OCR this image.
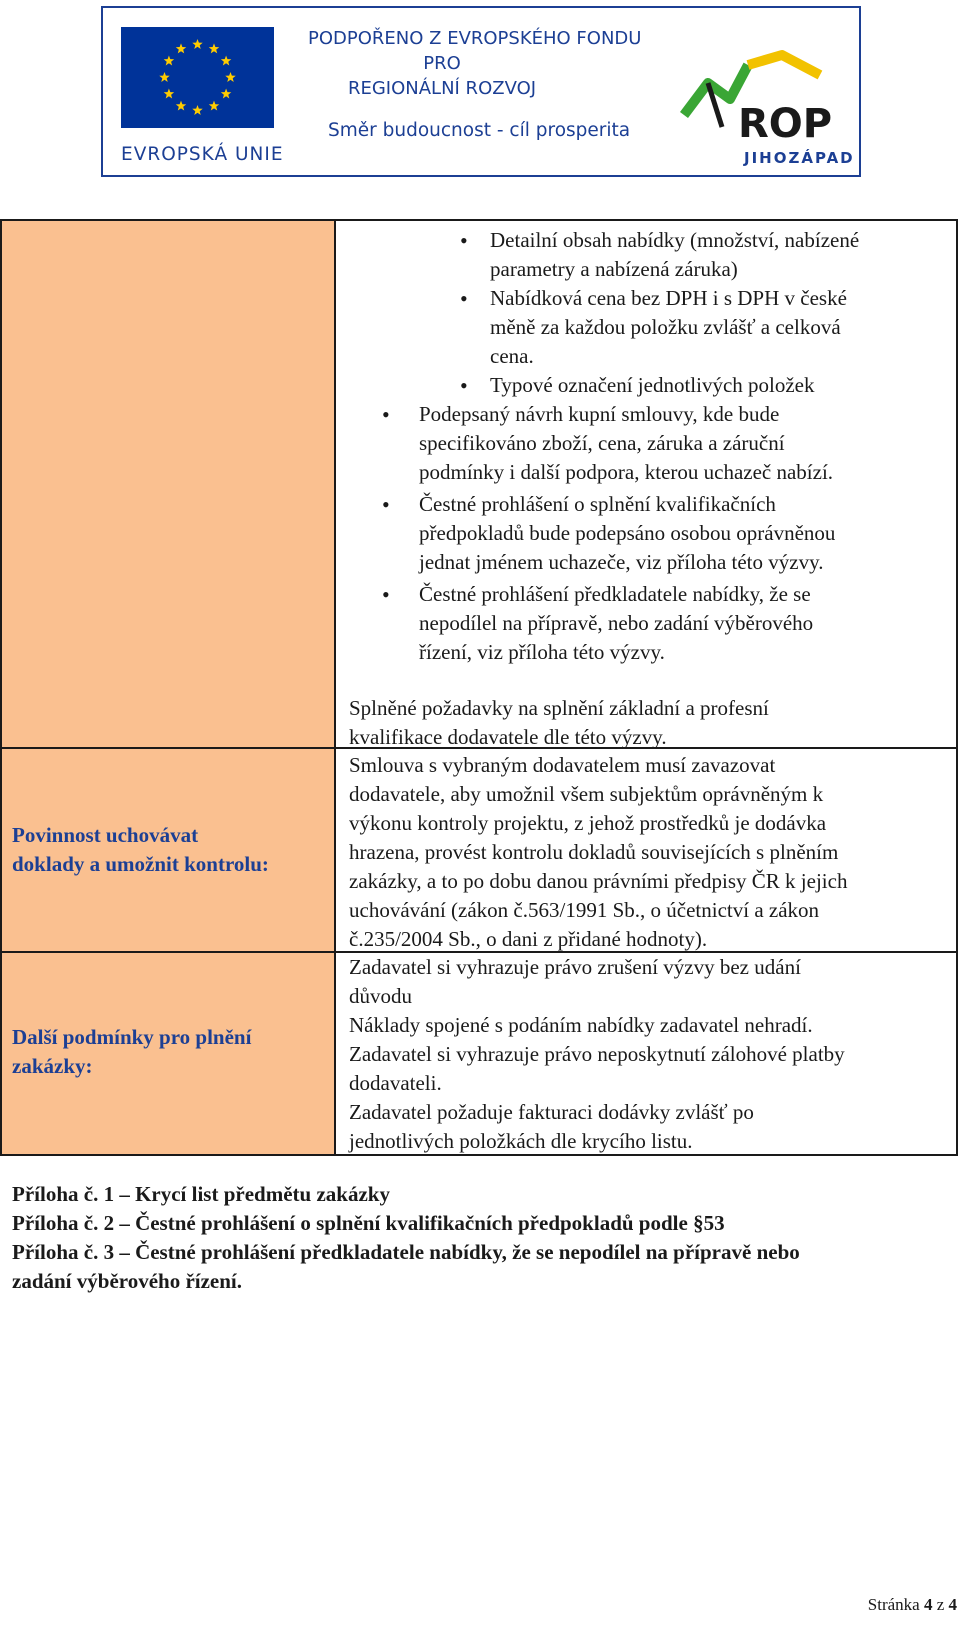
EVROPSKÁ UNIE
PODPOŘENO Z EVROPSKÉHO FONDU
PRO
REGIONÁLNÍ ROZVOJ
Směr budoucnost - cíl prosperita	ROP
JIHOZÁPAD
•	Detailní obsah nabídky (množství, nabízené
parametry a nabízená záruka)
•	Nabídková cena bez DPH i s DPH v české
měně za každou položku zvlášť a celková
cena.
•	Typové označení jednotlivých položek
•	Podepsaný návrh kupní smlouvy, kde bude
specifikováno zboží, cena, záruka a záruční
podmínky i další podpora, kterou uchazeč nabízí.
•	Čestné prohlášení o splnění kvalifikačních
předpokladů bude podepsáno osobou oprávněnou
jednat jménem uchazeče, viz příloha této výzvy.
•	Čestné prohlášení předkladatele nabídky, že se
nepodílel na přípravě, nebo zadání výběrového
řízení, viz příloha této výzvy.
Splněné požadavky na splnění základní a profesní
kvalifikace dodavatele dle této výzvy.
Povinnost uchovávat
doklady a umožnit kontrolu:
Smlouva s vybraným dodavatelem musí zavazovat
dodavatele, aby umožnil všem subjektům oprávněným k
výkonu kontroly projektu, z jehož prostředků je dodávka
hrazena, provést kontrolu dokladů souvisejících s plněním
zakázky, a to po dobu danou právními předpisy ČR k jejich
uchovávání (zákon č.563/1991 Sb., o účetnictví a zákon
č.235/2004 Sb., o dani z přidané hodnoty).
Další podmínky pro plnění
zakázky:
Zadavatel si vyhrazuje právo zrušení výzvy bez udání
důvodu
Náklady spojené s podáním nabídky zadavatel nehradí.
Zadavatel si vyhrazuje právo neposkytnutí zálohové platby
dodavateli.
Zadavatel požaduje fakturaci dodávky zvlášť po
jednotlivých položkách dle krycího listu.
Příloha č. 1 – Krycí list předmětu zakázky
Příloha č. 2 – Čestné prohlášení o splnění kvalifikačních předpokladů podle §53
Příloha č. 3 – Čestné prohlášení předkladatele nabídky, že se nepodílel na přípravě nebo
zadání výběrového řízení.
Stránka 4 z 4
